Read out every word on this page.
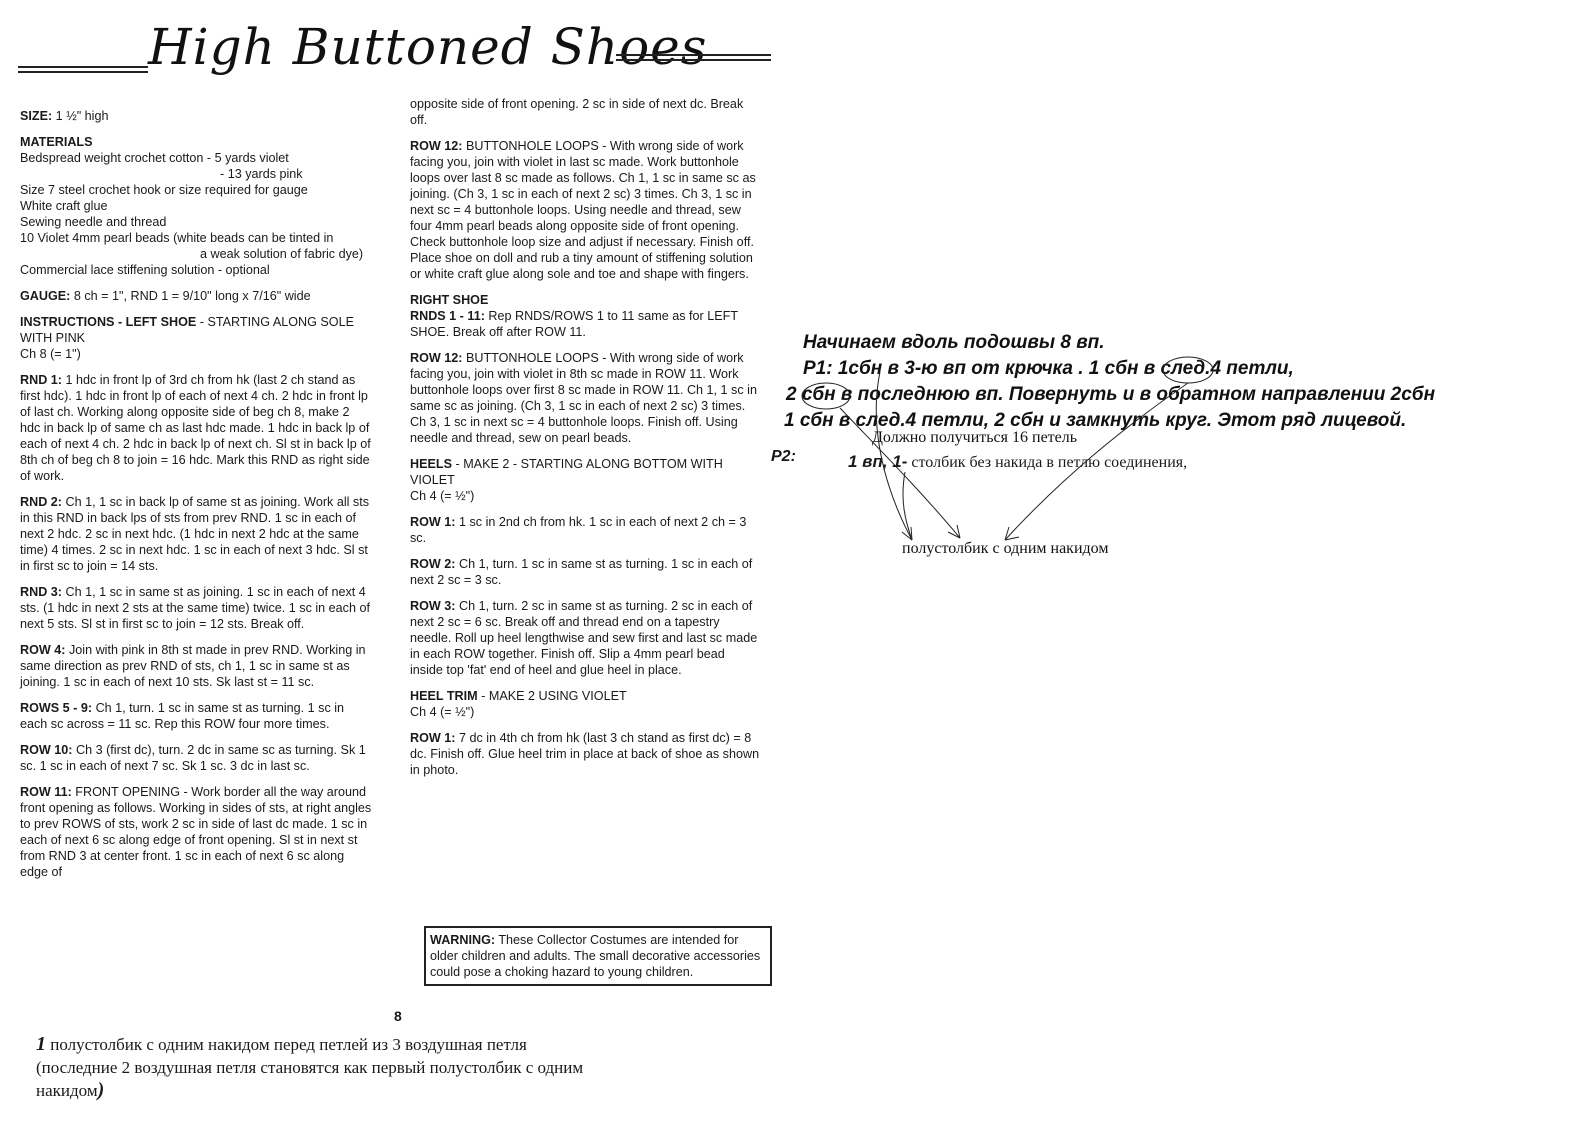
High Buttoned Shoes

SIZE: 1 ½" high

MATERIALS
Bedspread weight crochet cotton - 5 yards violet

- 13 yards pink
Size 7 steel crochet hook or size required for gauge
White craft glue
Sewing needle and thread
10 Violet 4mm pearl beads (white beads can be tinted in

a weak solution of fabric dye)
Commercial lace stiffening solution - optional

GAUGE: 8 ch = 1", RND 1 = 9/10" long x 7/16" wide

INSTRUCTIONS - LEFT SHOE - STARTING ALONG SOLE WITH PINK
Ch 8 (= 1")

RND 1: 1 hdc in front lp of 3rd ch from hk (last 2 ch stand as first hdc). 1 hdc in front lp of each of next 4 ch. 2 hdc in front lp of last ch. Working along opposite side of beg ch 8, make 2 hdc in back lp of same ch as last hdc made. 1 hdc in back lp of each of next 4 ch. 2 hdc in back lp of next ch. Sl st in back lp of 8th ch of beg ch 8 to join = 16 hdc. Mark this RND as right side of work.

RND 2: Ch 1, 1 sc in back lp of same st as joining. Work all sts in this RND in back lps of sts from prev RND. 1 sc in each of next 2 hdc. 2 sc in next hdc. (1 hdc in next 2 hdc at the same time) 4 times. 2 sc in next hdc. 1 sc in each of next 3 hdc. Sl st in first sc to join = 14 sts.

RND 3: Ch 1, 1 sc in same st as joining. 1 sc in each of next 4 sts. (1 hdc in next 2 sts at the same time) twice. 1 sc in each of next 5 sts. Sl st in first sc to join = 12 sts. Break off.

ROW 4: Join with pink in 8th st made in prev RND. Working in same direction as prev RND of sts, ch 1, 1 sc in same st as joining. 1 sc in each of next 10 sts. Sk last st = 11 sc.

ROWS 5 - 9: Ch 1, turn. 1 sc in same st as turning. 1 sc in each sc across = 11 sc. Rep this ROW four more times.

ROW 10: Ch 3 (first dc), turn. 2 dc in same sc as turning. Sk 1 sc. 1 sc in each of next 7 sc. Sk 1 sc. 3 dc in last sc.

ROW 11: FRONT OPENING - Work border all the way around front opening as follows. Working in sides of sts, at right angles to prev ROWS of sts, work 2 sc in side of last dc made. 1 sc in each of next 6 sc along edge of front opening. Sl st in next st from RND 3 at center front. 1 sc in each of next 6 sc along edge of

opposite side of front opening. 2 sc in side of next dc. Break off.

ROW 12: BUTTONHOLE LOOPS - With wrong side of work facing you, join with violet in last sc made. Work buttonhole loops over last 8 sc made as follows. Ch 1, 1 sc in same sc as joining. (Ch 3, 1 sc in each of next 2 sc) 3 times. Ch 3, 1 sc in next sc = 4 buttonhole loops. Using needle and thread, sew four 4mm pearl beads along opposite side of front opening. Check buttonhole loop size and adjust if necessary. Finish off. Place shoe on doll and rub a tiny amount of stiffening solution or white craft glue along sole and toe and shape with fingers.

RIGHT SHOE
RNDS 1 - 11: Rep RNDS/ROWS 1 to 11 same as for LEFT SHOE. Break off after ROW 11.

ROW 12: BUTTONHOLE LOOPS - With wrong side of work facing you, join with violet in 8th sc made in ROW 11. Work buttonhole loops over first 8 sc made in ROW 11. Ch 1, 1 sc in same sc as joining. (Ch 3, 1 sc in each of next 2 sc) 3 times. Ch 3, 1 sc in next sc = 4 buttonhole loops. Finish off. Using needle and thread, sew on pearl beads.

HEELS - MAKE 2 - STARTING ALONG BOTTOM WITH VIOLET
Ch 4 (= ½")

ROW 1: 1 sc in 2nd ch from hk. 1 sc in each of next 2 ch = 3 sc.

ROW 2: Ch 1, turn. 1 sc in same st as turning. 1 sc in each of next 2 sc = 3 sc.

ROW 3: Ch 1, turn. 2 sc in same st as turning. 2 sc in each of next 2 sc = 6 sc. Break off and thread end on a tapestry needle. Roll up heel lengthwise and sew first and last sc made in each ROW together. Finish off. Slip a 4mm pearl bead inside top 'fat' end of heel and glue heel in place.

HEEL TRIM - MAKE 2 USING VIOLET
Ch 4 (= ½")

ROW 1: 7 dc in 4th ch from hk (last 3 ch stand as first dc) = 8 dc. Finish off. Glue heel trim in place at back of shoe as shown in photo.

WARNING: These Collector Costumes are intended for older children and adults. The small decorative accessories could pose a choking hazard to young children.
8
1 полустолбик с одним накидом перед петлей из 3 воздушная петля
(последние 2 воздушная петля становятся как первый полустолбик с одним
накидом)
Начинаем вдоль подошвы 8 вп.
Р1: 1сбн в 3-ю вп от крючка . 1 сбн в след.4 петли,
2 сбн в последнюю вп. Повернуть и в обратном направлении 2сбн
1 сбн в след.4 петли, 2 сбн и замкнуть круг. Этот ряд лицевой.
Должно получиться 16 петель
Р2:	1 вп, 1- столбик без накида в петлю соединения,
полустолбик с одним накидом
